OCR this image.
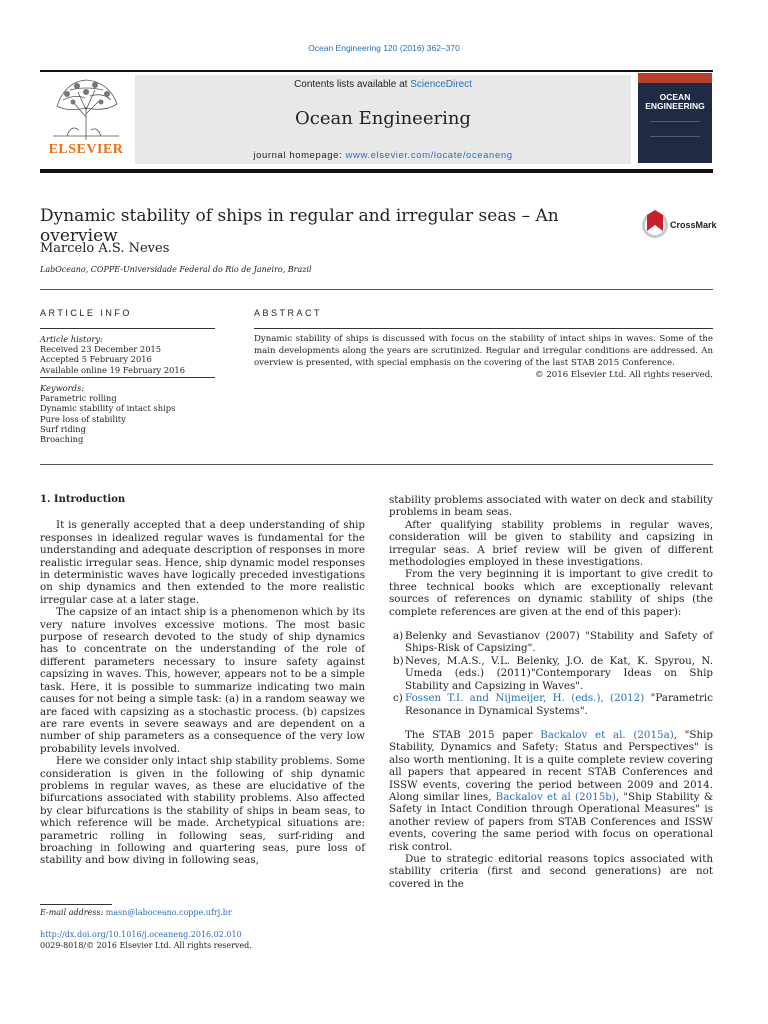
Ocean Engineering 120 (2016) 362–370
ELSEVIER
Contents lists available at ScienceDirect
Ocean Engineering
journal homepage: www.elsevier.com/locate/oceaneng
OCEAN
ENGINEERING
Dynamic stability of ships in regular and irregular seas – An overview
CrossMark
Marcelo A.S. Neves
LabOceano, COPPE-Universidade Federal do Rio de Janeiro, Brazil
ARTICLE INFO	ABSTRACT
Article history:
Received 23 December 2015
Accepted 5 February 2016
Available online 19 February 2016
Keywords:
Parametric rolling
Dynamic stability of intact ships
Pure loss of stability
Surf riding
Broaching
Dynamic stability of ships is discussed with focus on the stability of intact ships in waves. Some of the main developments along the years are scrutinized. Regular and irregular conditions are addressed. An overview is presented, with special emphasis on the covering of the last STAB 2015 Conference.
© 2016 Elsevier Ltd. All rights reserved.

1. Introduction

It is generally accepted that a deep understanding of ship responses in idealized regular waves is fundamental for the understanding and adequate description of responses in more realistic irregular seas. Hence, ship dynamic model responses in deterministic waves have logically preceded investigations on ship dynamics and then extended to the more realistic irregular case at a later stage.

The capsize of an intact ship is a phenomenon which by its very nature involves excessive motions. The most basic purpose of research devoted to the study of ship dynamics has to concentrate on the understanding of the role of different parameters necessary to insure safety against capsizing in waves. This, however, appears not to be a simple task. Here, it is possible to summarize indicating two main causes for not being a simple task: (a) in a random seaway we are faced with capsizing as a stochastic process. (b) capsizes are rare events in severe seaways and are dependent on a number of ship parameters as a consequence of the very low probability levels involved.

Here we consider only intact ship stability problems. Some consideration is given in the following of ship dynamic problems in regular waves, as these are elucidative of the bifurcations associated with stability problems. Also affected by clear bifurcations is the stability of ships in beam seas, to which reference will be made. Archetypical situations are: parametric rolling in following seas, surf-riding and broaching in following and quartering seas, pure loss of stability and bow diving in following seas,

stability problems associated with water on deck and stability problems in beam seas.

After qualifying stability problems in regular waves, consideration will be given to stability and capsizing in irregular seas. A brief review will be given of different methodologies employed in these investigations.

From the very beginning it is important to give credit to three technical books which are exceptionally relevant sources of references on dynamic stability of ships (the complete references are given at the end of this paper):

a) Belenky and Sevastianov (2007) "Stability and Safety of Ships-Risk of Capsizing".
b) Neves, M.A.S., V.L. Belenky, J.O. de Kat, K. Spyrou, N. Umeda (eds.) (2011)"Contemporary Ideas on Ship Stability and Capsizing in Waves".
c) Fossen T.I. and Nijmeijer, H. (eds.), (2012) "Parametric Resonance in Dynamical Systems".

The STAB 2015 paper Backalov et al. (2015a), "Ship Stability, Dynamics and Safety: Status and Perspectives" is also worth mentioning. It is a quite complete review covering all papers that appeared in recent STAB Conferences and ISSW events, covering the period between 2009 and 2014. Along similar lines, Backalov et al (2015b), "Ship Stability & Safety in Intact Condition through Operational Measures" is another review of papers from STAB Conferences and ISSW events, covering the same period with focus on operational risk control.

Due to strategic editorial reasons topics associated with stability criteria (first and second generations) are not covered in the

E-mail address: masn@laboceano.coppe.ufrj.br
http://dx.doi.org/10.1016/j.oceaneng.2016.02.010
0029-8018/© 2016 Elsevier Ltd. All rights reserved.
